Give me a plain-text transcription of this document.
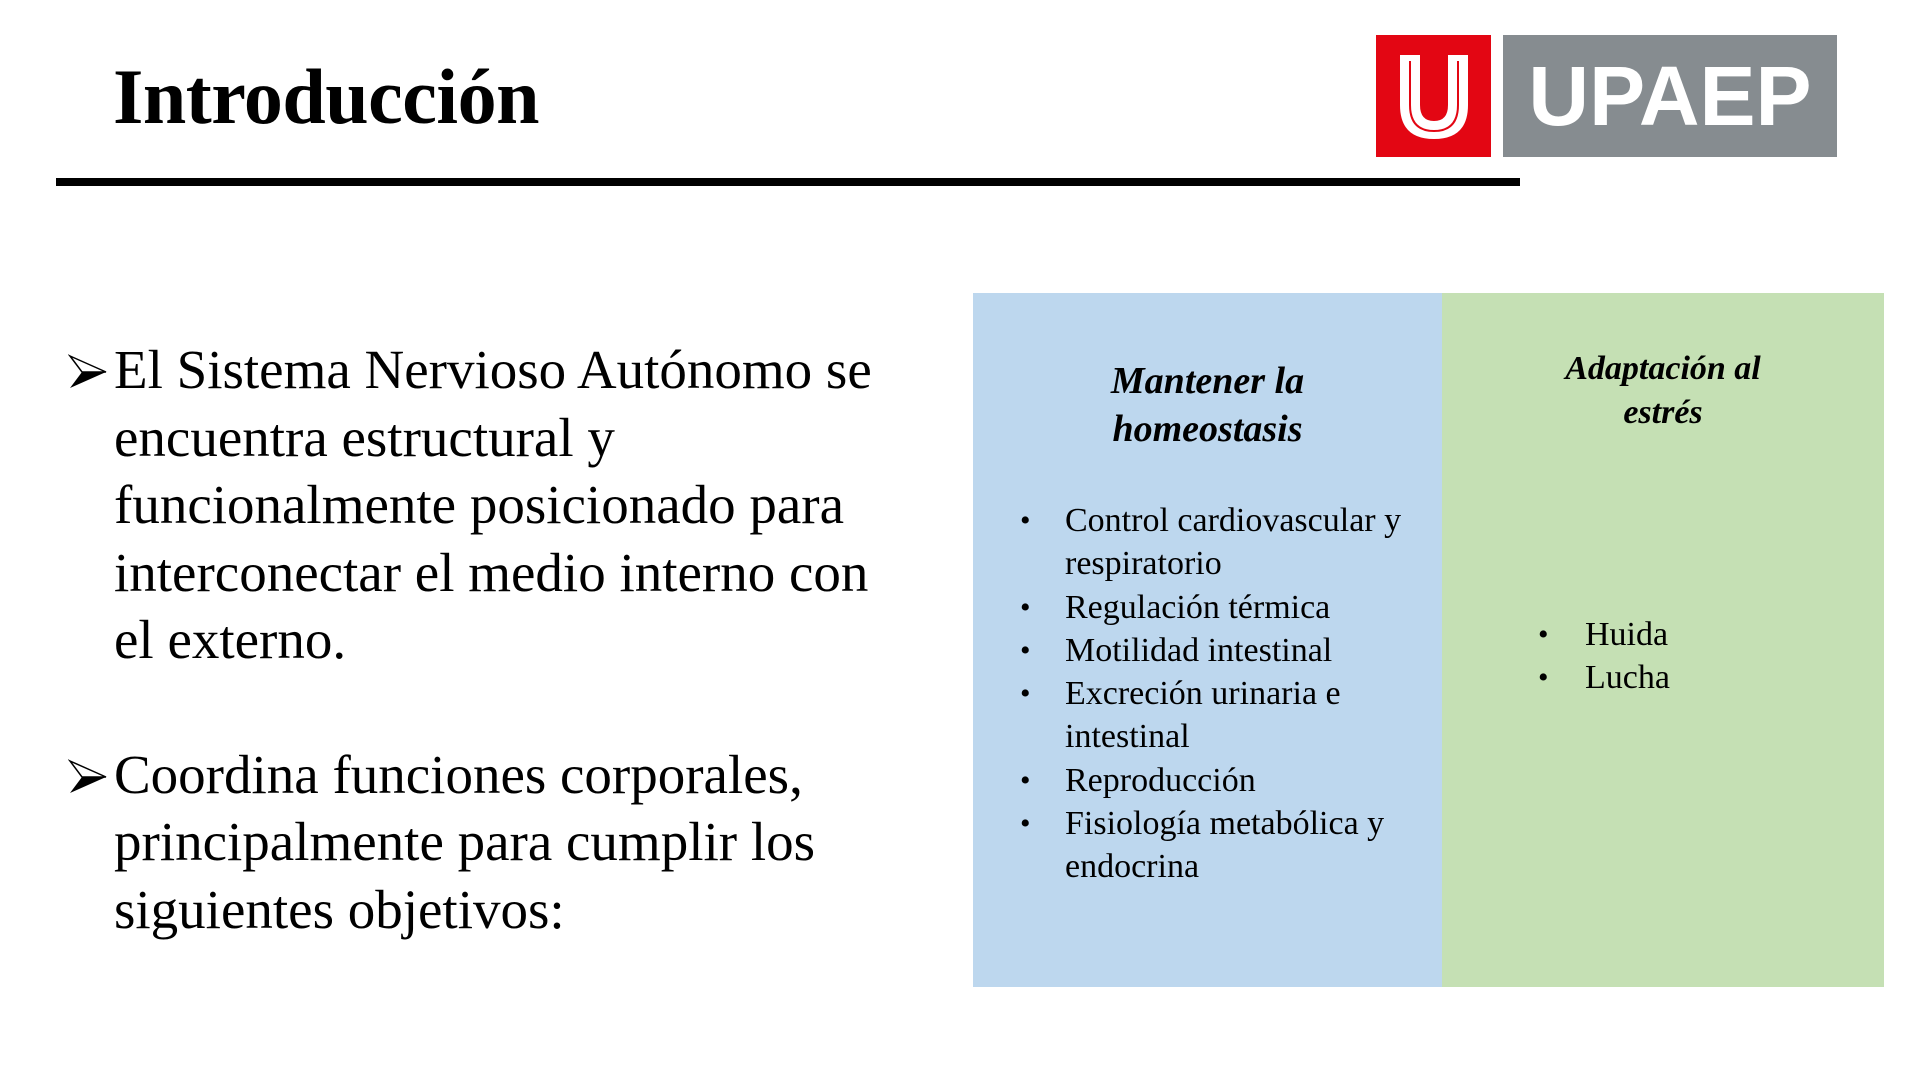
Introducción	UPAEP
El Sistema Nervioso Autónomo se
encuentra estructural y
funcionalmente posicionado para
interconectar el medio interno con
el externo.
Coordina funciones corporales,
principalmente para cumplir los
siguientes objetivos:
Mantener la
homeostasis
• Control cardiovascular y
respiratorio
• Regulación térmica
• Motilidad intestinal
• Excreción urinaria e
intestinal
• Reproducción
• Fisiología metabólica y
endocrina
Adaptación al
estrés
• Huida
• Lucha
